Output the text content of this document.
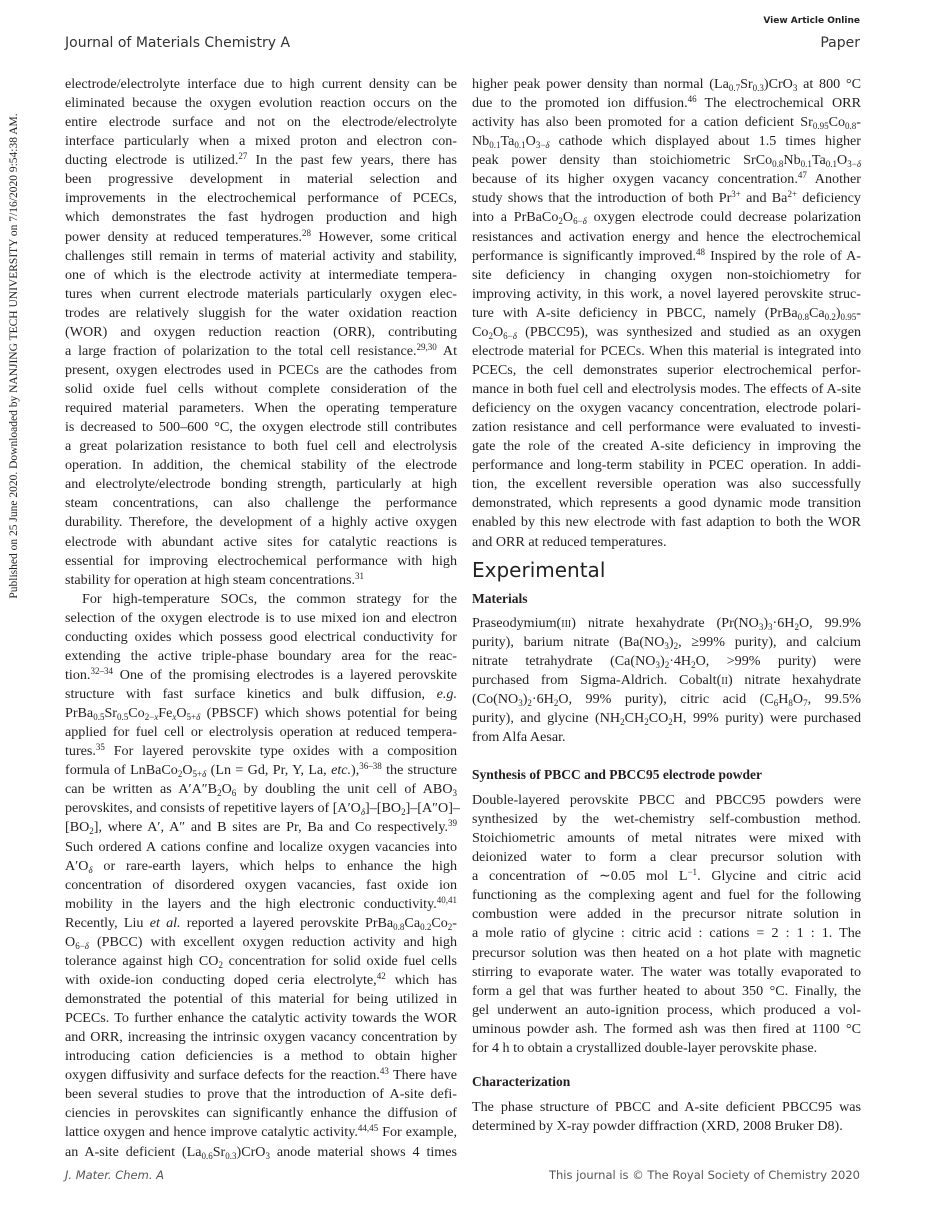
View Article Online
Journal of Materials Chemistry A	Paper
Published on 25 June 2020. Downloaded by NANJING TECH UNIVERSITY on 7/16/2020 9:54:38 AM.
electrode/electrolyte interface due to high current density can be
eliminated because the oxygen evolution reaction occurs on the
entire electrode surface and not on the electrode/electrolyte
interface particularly when a mixed proton and electron con-
ducting electrode is utilized.$^{27}$ In the past few years, there has
been progressive development in material selection and
improvements in the electrochemical performance of PCECs,
which demonstrates the fast hydrogen production and high
power density at reduced temperatures.$^{28}$ However, some critical
challenges still remain in terms of material activity and stability,
one of which is the electrode activity at intermediate tempera-
tures when current electrode materials particularly oxygen elec-
trodes are relatively sluggish for the water oxidation reaction
(WOR) and oxygen reduction reaction (ORR), contributing
a large fraction of polarization to the total cell resistance.$^{29,30}$ At
present, oxygen electrodes used in PCECs are the cathodes from
solid oxide fuel cells without complete consideration of the
required material parameters. When the operating temperature
is decreased to 500–600 °C, the oxygen electrode still contributes
a great polarization resistance to both fuel cell and electrolysis
operation. In addition, the chemical stability of the electrode
and electrolyte/electrode bonding strength, particularly at high
steam concentrations, can also challenge the performance
durability. Therefore, the development of a highly active oxygen
electrode with abundant active sites for catalytic reactions is
essential for improving electrochemical performance with high
stability for operation at high steam concentrations.$^{31}$
For high-temperature SOCs, the common strategy for the
selection of the oxygen electrode is to use mixed ion and electron
conducting oxides which possess good electrical conductivity for
extending the active triple-phase boundary area for the reac-
tion.$^{32-34}$ One of the promising electrodes is a layered perovskite
structure with fast surface kinetics and bulk diffusion, e.g.
$PrBa_{0.5}Sr_{0.5}Co_{2-x}Fe_xO_{5+\delta}$ (PBSCF) which shows potential for being
applied for fuel cell or electrolysis operation at reduced tempera-
tures.$^{35}$ For layered perovskite type oxides with a composition
formula of $LnBaCo_2O_{5+\delta}$ (Ln = Gd, Pr, Y, La, etc.),$^{36-38}$ the structure
can be written as $A'A''B_2O_6$ by doubling the unit cell of $ABO_3$
perovskites, and consists of repetitive layers of $[A'O_\delta]-[BO_2]-[A''O]-$
$[BO_2]$, where A′, A″ and B sites are Pr, Ba and Co respectively.$^{39}$
Such ordered A cations confine and localize oxygen vacancies into
$A'O_\delta$ or rare-earth layers, which helps to enhance the high
concentration of disordered oxygen vacancies, fast oxide ion
mobility in the layers and the high electronic conductivity.$^{40,41}$
Recently, Liu et al. reported a layered perovskite $PrBa_{0.8}Ca_{0.2}Co_2-$
$O_{6-\delta}$ (PBCC) with excellent oxygen reduction activity and high
tolerance against high $CO_2$ concentration for solid oxide fuel cells
with oxide-ion conducting doped ceria electrolyte,$^{42}$ which has
demonstrated the potential of this material for being utilized in
PCECs. To further enhance the catalytic activity towards the WOR
and ORR, increasing the intrinsic oxygen vacancy concentration by
introducing cation deficiencies is a method to obtain higher
oxygen diffusivity and surface defects for the reaction.$^{43}$ There have
been several studies to prove that the introduction of A-site defi-
ciencies in perovskites can significantly enhance the diffusion of
lattice oxygen and hence improve catalytic activity.$^{44,45}$ For example,
an A-site deficient $(La_{0.6}Sr_{0.3})CrO_3$ anode material shows 4 times
higher peak power density than normal $(La_{0.7}Sr_{0.3})CrO_3$ at 800 °C
due to the promoted ion diffusion.$^{46}$ The electrochemical ORR
activity has also been promoted for a cation deficient $Sr_{0.95}Co_{0.8}-$
$Nb_{0.1}Ta_{0.1}O_{3-\delta}$ cathode which displayed about 1.5 times higher
peak power density than stoichiometric $SrCo_{0.8}Nb_{0.1}Ta_{0.1}O_{3-\delta}$
because of its higher oxygen vacancy concentration.$^{47}$ Another
study shows that the introduction of both $Pr^{3+}$ and $Ba^{2+}$ deficiency
into a $PrBaCo_2O_{6-\delta}$ oxygen electrode could decrease polarization
resistances and activation energy and hence the electrochemical
performance is significantly improved.$^{48}$ Inspired by the role of A-
site deficiency in changing oxygen non-stoichiometry for
improving activity, in this work, a novel layered perovskite struc-
ture with A-site deficiency in PBCC, namely $(PrBa_{0.8}Ca_{0.2})_{0.95}-$
$Co_2O_{6-\delta}$ (PBCC95), was synthesized and studied as an oxygen
electrode material for PCECs. When this material is integrated into
PCECs, the cell demonstrates superior electrochemical perfor-
mance in both fuel cell and electrolysis modes. The effects of A-site
deficiency on the oxygen vacancy concentration, electrode polari-
zation resistance and cell performance were evaluated to investi-
gate the role of the created A-site deficiency in improving the
performance and long-term stability in PCEC operation. In addi-
tion, the excellent reversible operation was also successfully
demonstrated, which represents a good dynamic mode transition
enabled by this new electrode with fast adaption to both the WOR
and ORR at reduced temperatures.
Experimental
Materials
Praseodymium(iii) nitrate hexahydrate ($Pr(NO_3)_3\cdot 6H_2O$, 99.9%
purity), barium nitrate ($Ba(NO_3)_2$, ≥99% purity), and calcium
nitrate tetrahydrate ($Ca(NO_3)_2\cdot 4H_2O$, >99% purity) were
purchased from Sigma-Aldrich. Cobalt(ii) nitrate hexahydrate
($Co(NO_3)_2\cdot 6H_2O$, 99% purity), citric acid ($C_6H_8O_7$, 99.5%
purity), and glycine ($NH_2CH_2CO_2H$, 99% purity) were purchased
from Alfa Aesar.
Synthesis of PBCC and PBCC95 electrode powder
Double-layered perovskite PBCC and PBCC95 powders were
synthesized by the wet-chemistry self-combustion method.
Stoichiometric amounts of metal nitrates were mixed with
deionized water to form a clear precursor solution with
a concentration of ∼0.05 mol $L^{-1}$. Glycine and citric acid
functioning as the complexing agent and fuel for the following
combustion were added in the precursor nitrate solution in
a mole ratio of glycine : citric acid : cations = 2 : 1 : 1. The
precursor solution was then heated on a hot plate with magnetic
stirring to evaporate water. The water was totally evaporated to
form a gel that was further heated to about 350 °C. Finally, the
gel underwent an auto-ignition process, which produced a vol-
uminous powder ash. The formed ash was then fired at 1100 °C
for 4 h to obtain a crystallized double-layer perovskite phase.
Characterization
The phase structure of PBCC and A-site deficient PBCC95 was
determined by X-ray powder diffraction (XRD, 2008 Bruker D8).
J. Mater. Chem. A	This journal is © The Royal Society of Chemistry 2020
